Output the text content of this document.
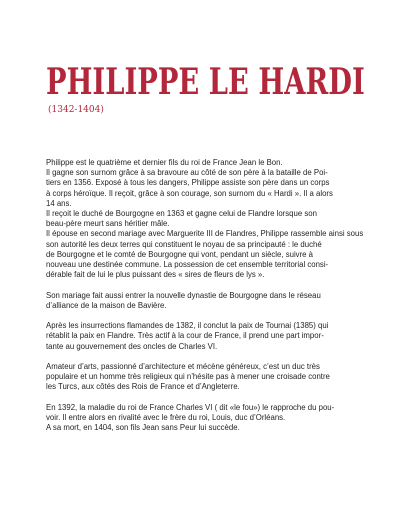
PHILIPPE LE HARDI
(1342-1404)

Philippe est le quatrième et dernier fils du roi de France Jean le Bon.
Il gagne son surnom grâce à sa bravoure au côté de son père à la bataille de Poi-
tiers en 1356. Exposé à tous les dangers, Philippe assiste son père dans un corps
à corps héroïque. Il reçoit, grâce à son courage, son surnom du « Hardi ». Il a alors
14 ans.
Il reçoit le duché de Bourgogne en 1363 et gagne celui de Flandre lorsque son
beau-père meurt sans héritier mâle.
Il épouse en second mariage avec Marguerite III de Flandres, Philippe rassemble ainsi sous
son autorité les deux terres qui constituent le noyau de sa principauté : le duché
de Bourgogne et le comté de Bourgogne qui vont, pendant un siècle, suivre à
nouveau une destinée commune. La possession de cet ensemble territorial consi-
dérable fait de lui le plus puissant des « sires de fleurs de lys ».

Son mariage fait aussi entrer la nouvelle dynastie de Bourgogne dans le réseau
d’alliance de la maison de Bavière.

Après les insurrections flamandes de 1382, il conclut la paix de Tournai (1385) qui
rétablit la paix en Flandre. Très actif à la cour de France, il prend une part impor-
tante au gouvernement des oncles de Charles VI.

Amateur d’arts, passionné d’architecture et mécène généreux, c’est un duc très
populaire et un homme très religieux qui n’hésite pas à mener une croisade contre
les Turcs, aux côtés des Rois de France et d’Angleterre.

En 1392, la maladie du roi de France Charles VI ( dit «le fou») le rapproche du pou-
voir. Il entre alors en rivalité avec le frère du roi, Louis, duc d’Orléans.
A sa mort, en 1404, son fils Jean sans Peur lui succède.
